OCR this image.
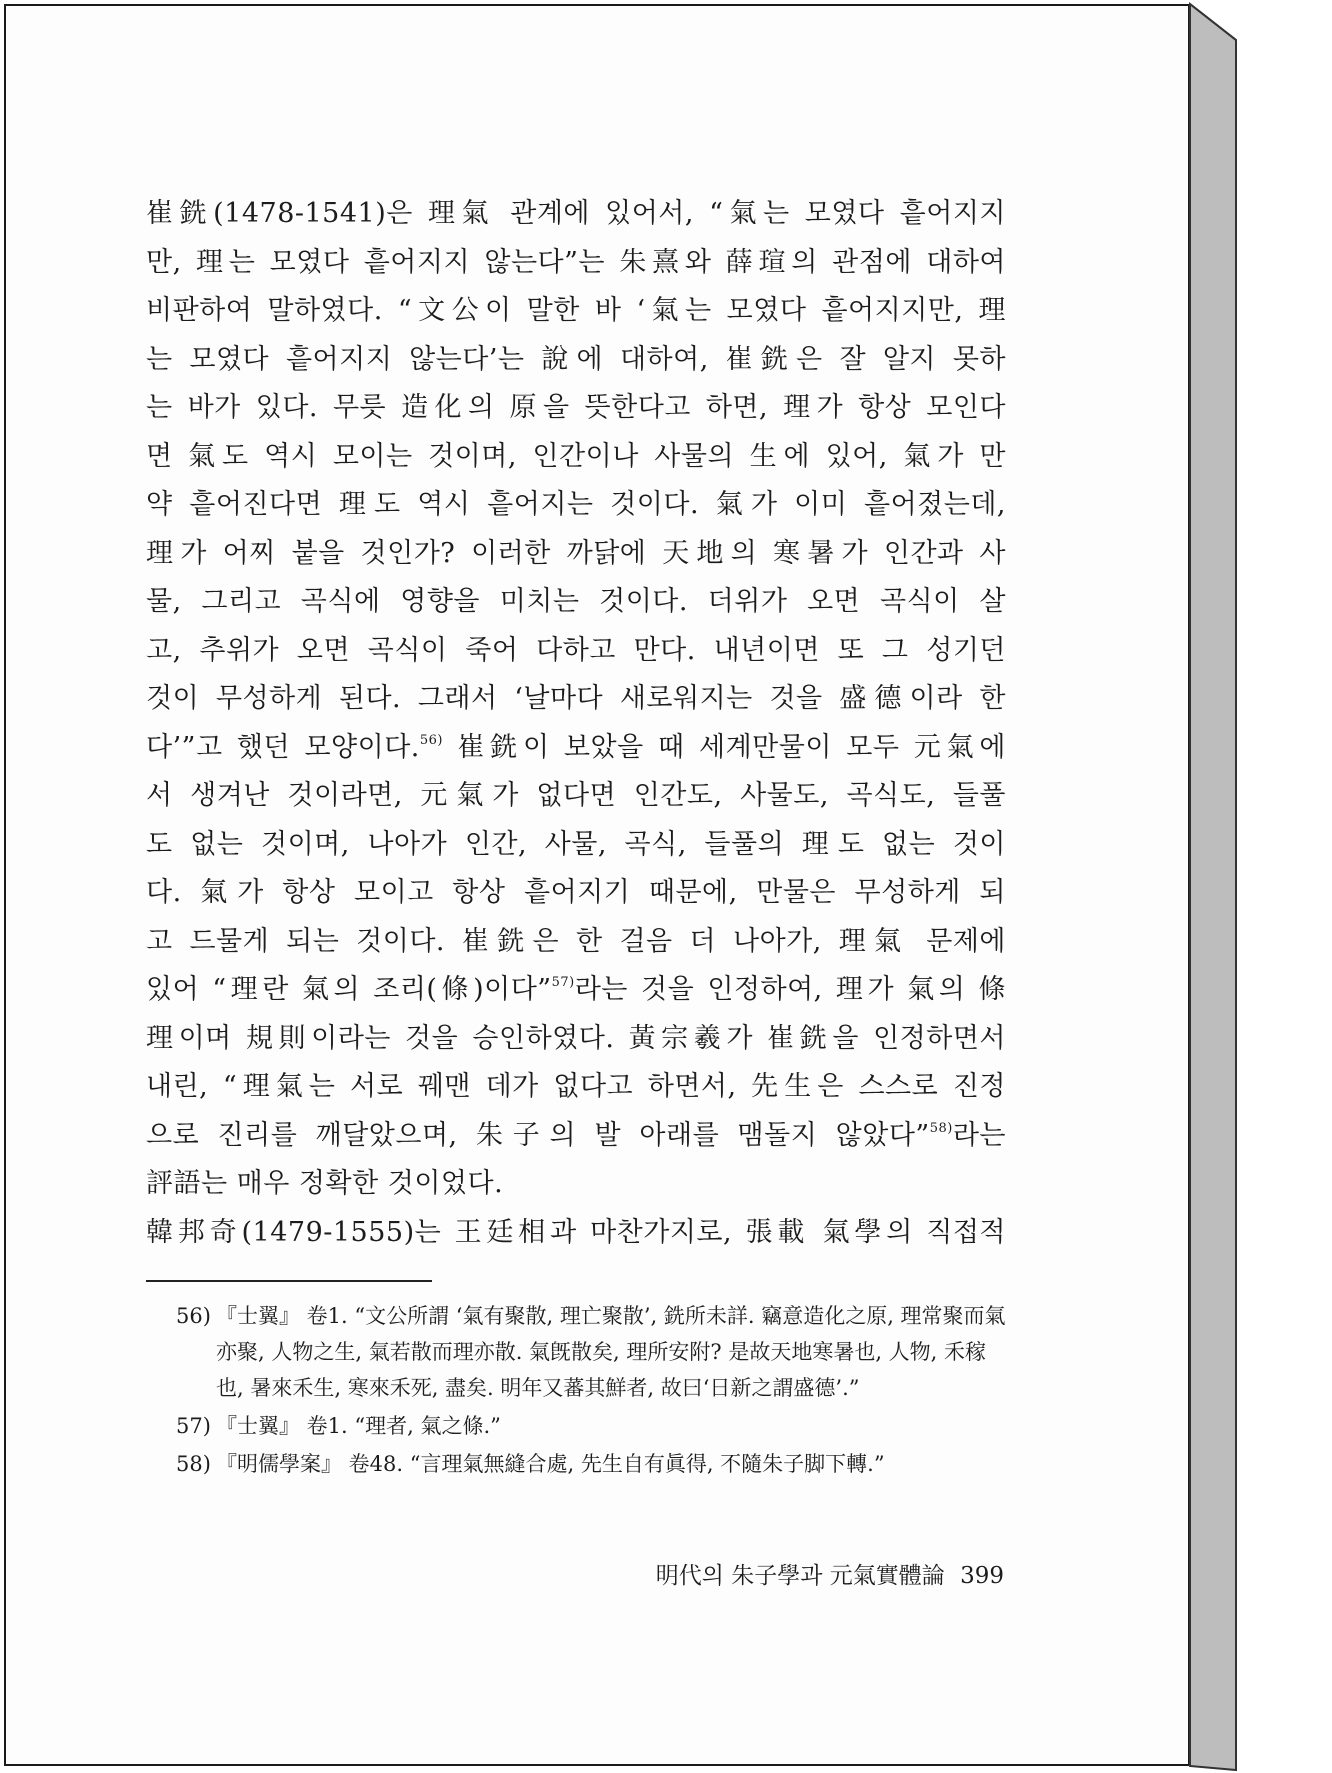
崔銑(1478-1541)은 理氣 관계에 있어서, “氣는 모였다 흩어지지

만, 理는 모였다 흩어지지 않는다”는 朱熹와 薛瑄의 관점에 대하여

비판하여 말하였다. “文公이 말한 바 ‘氣는 모였다 흩어지지만, 理

는 모였다 흩어지지 않는다’는 說에 대하여, 崔銑은 잘 알지 못하

는 바가 있다. 무릇 造化의 原을 뜻한다고 하면, 理가 항상 모인다

면 氣도 역시 모이는 것이며, 인간이나 사물의 生에 있어, 氣가 만

약 흩어진다면 理도 역시 흩어지는 것이다. 氣가 이미 흩어졌는데,

理가 어찌 붙을 것인가? 이러한 까닭에 天地의 寒暑가 인간과 사

물, 그리고 곡식에 영향을 미치는 것이다. 더위가 오면 곡식이 살

고, 추위가 오면 곡식이 죽어 다하고 만다. 내년이면 또 그 성기던

것이 무성하게 된다. 그래서 ‘날마다 새로워지는 것을 盛德이라 한

다’”고 했던 모양이다.$^{56)}$ 崔銑이 보았을 때 세계만물이 모두 元氣에

서 생겨난 것이라면, 元氣가 없다면 인간도, 사물도, 곡식도, 들풀

도 없는 것이며, 나아가 인간, 사물, 곡식, 들풀의 理도 없는 것이

다. 氣가 항상 모이고 항상 흩어지기 때문에, 만물은 무성하게 되

고 드물게 되는 것이다. 崔銑은 한 걸음 더 나아가, 理氣 문제에

있어 “理란 氣의 조리(條)이다”$^{57)}$라는 것을 인정하여, 理가 氣의 條

理이며 規則이라는 것을 승인하였다. 黃宗羲가 崔銑을 인정하면서

내린, “理氣는 서로 꿰맨 데가 없다고 하면서, 先生은 스스로 진정

으로 진리를 깨달았으며, 朱子의 발 아래를 맴돌지 않았다”$^{58)}$라는

評語는 매우 정확한 것이었다.

韓邦奇(1479-1555)는 王廷相과 마찬가지로, 張載 氣學의 직접적

56) 『士翼』 卷1. “文公所謂 ‘氣有聚散, 理亡聚散’, 銑所未詳. 竊意造化之原, 理常聚而氣亦聚, 人物之生, 氣若散而理亦散. 氣旣散矣, 理所安附? 是故天地寒暑也, 人物, 禾稼也, 暑來禾生, 寒來禾死, 盡矣. 明年又蕃其鮮者, 故曰‘日新之謂盛德’.”
57) 『士翼』 卷1. “理者, 氣之條.”
58) 『明儒學案』 卷48. “言理氣無縫合處, 先生自有眞得, 不隨朱子脚下轉.”
明代의 朱子學과 元氣實體論 399
